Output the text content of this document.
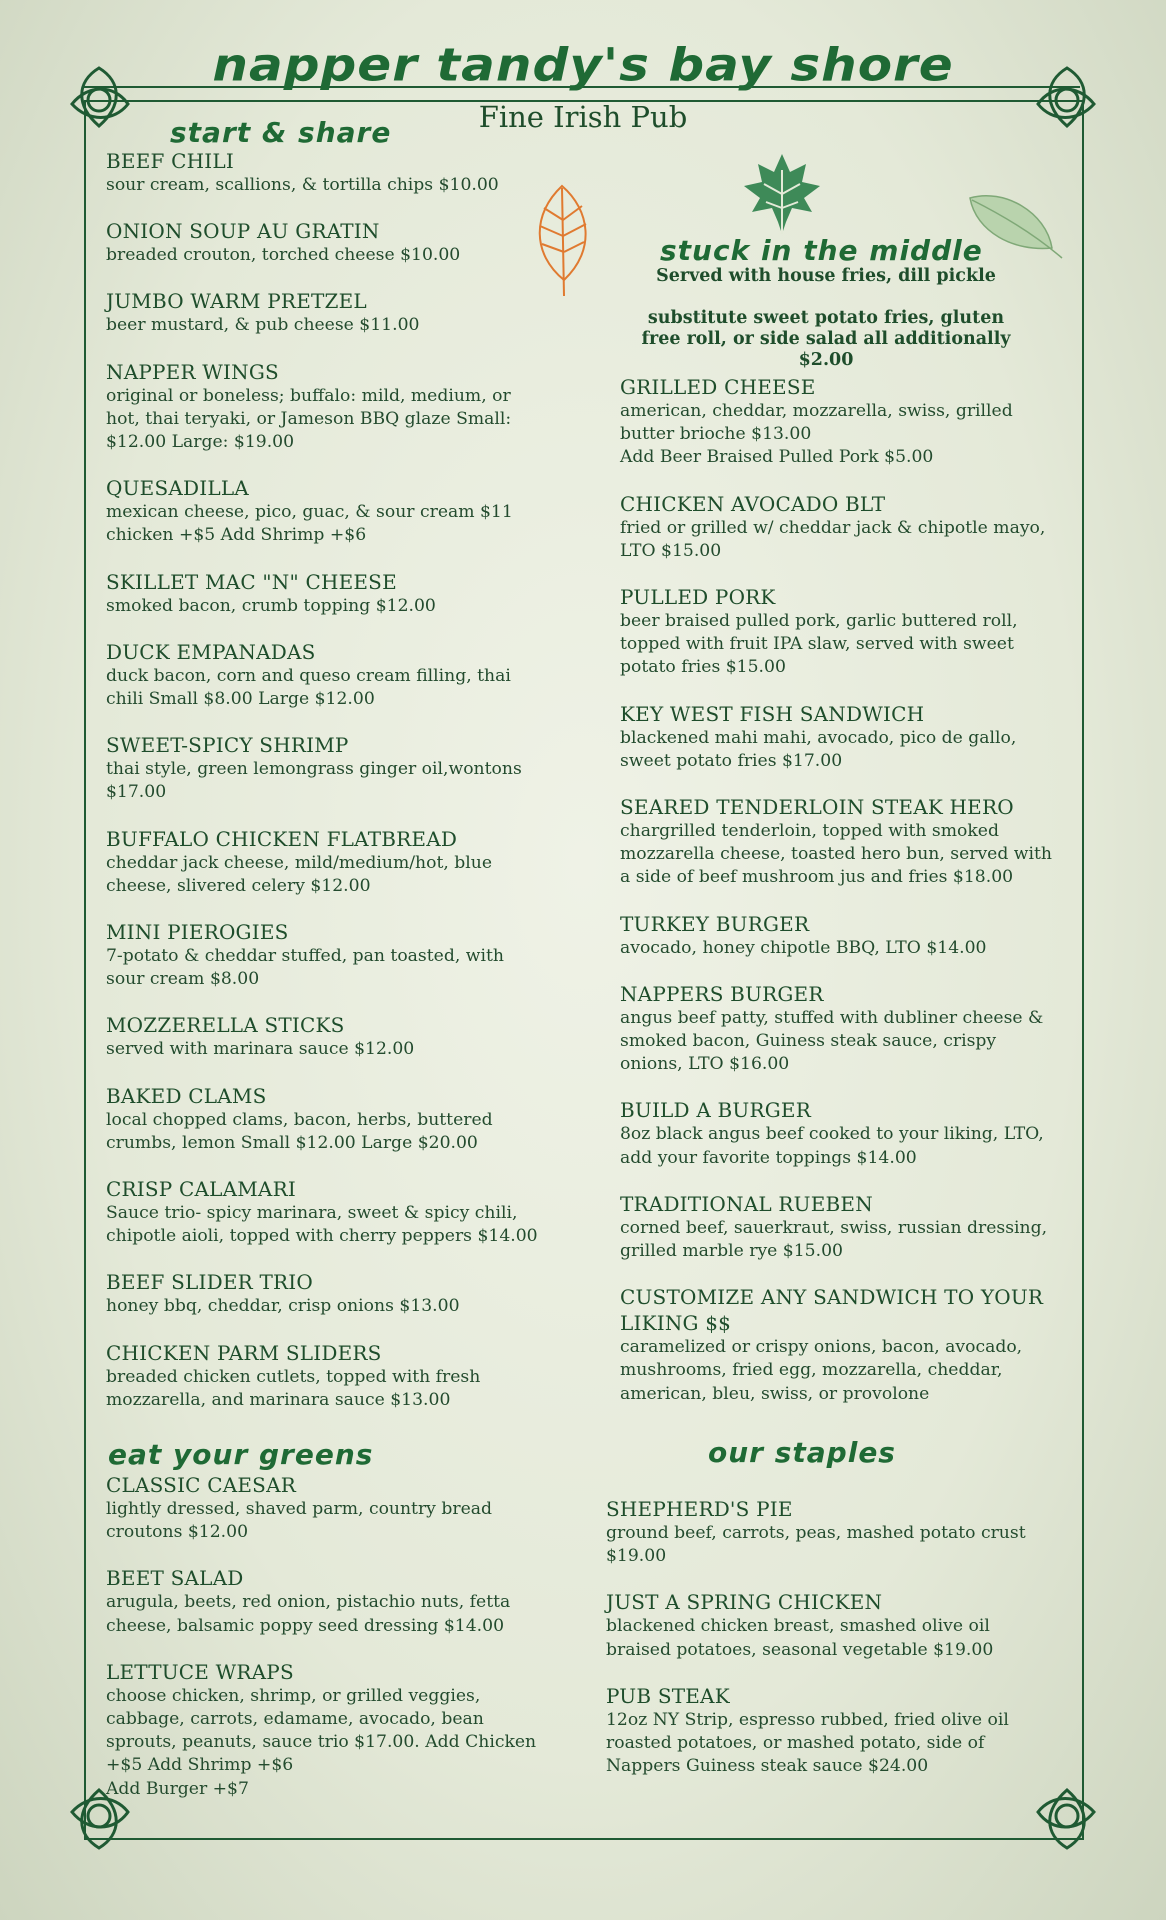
napper tandy's bay shore
Fine Irish Pub
start & share
BEEF CHILI
sour cream, scallions, & tortilla chips $10.00
ONION SOUP AU GRATIN
breaded crouton, torched cheese $10.00
JUMBO WARM PRETZEL
beer mustard, & pub cheese $11.00
NAPPER WINGS
original or boneless; buffalo: mild, medium, or hot, thai teryaki, or Jameson BBQ glaze Small: $12.00 Large: $19.00
QUESADILLA
mexican cheese, pico, guac, & sour cream $11 chicken +$5 Add Shrimp +$6
SKILLET MAC "N" CHEESE
smoked bacon, crumb topping $12.00
DUCK EMPANADAS
duck bacon, corn and queso cream filling, thai chili Small $8.00 Large $12.00
SWEET-SPICY SHRIMP
thai style, green lemongrass ginger oil,wontons $17.00
BUFFALO CHICKEN FLATBREAD
cheddar jack cheese, mild/medium/hot, blue cheese, slivered celery $12.00
MINI PIEROGIES
7-potato & cheddar stuffed, pan toasted, with sour cream $8.00
MOZZERELLA STICKS
served with marinara sauce $12.00
BAKED CLAMS
local chopped clams, bacon, herbs, buttered crumbs, lemon Small $12.00 Large $20.00
CRISP CALAMARI
Sauce trio- spicy marinara, sweet & spicy chili, chipotle aioli, topped with cherry peppers $14.00
BEEF SLIDER TRIO
honey bbq, cheddar, crisp onions $13.00
CHICKEN PARM SLIDERS
breaded chicken cutlets, topped with fresh mozzarella, and marinara sauce $13.00
eat your greens
CLASSIC CAESAR
lightly dressed, shaved parm, country bread croutons $12.00
BEET SALAD
arugula, beets, red onion, pistachio nuts, fetta cheese, balsamic poppy seed dressing $14.00
LETTUCE WRAPS
choose chicken, shrimp, or grilled veggies, cabbage, carrots, edamame, avocado, bean sprouts, peanuts, sauce trio $17.00. Add Chicken +$5 Add Shrimp +$6
Add Burger +$7
stuck in the middle
Served with house fries, dill pickle
substitute sweet potato fries, gluten free roll, or side salad all additionally $2.00
GRILLED CHEESE
american, cheddar, mozzarella, swiss, grilled butter brioche $13.00
Add Beer Braised Pulled Pork $5.00
CHICKEN AVOCADO BLT
fried or grilled w/ cheddar jack & chipotle mayo, LTO $15.00
PULLED PORK
beer braised pulled pork, garlic buttered roll, topped with fruit IPA slaw, served with sweet potato fries $15.00
KEY WEST FISH SANDWICH
blackened mahi mahi, avocado, pico de gallo, sweet potato fries $17.00
SEARED TENDERLOIN STEAK HERO
chargrilled tenderloin, topped with smoked mozzarella cheese, toasted hero bun, served with a side of beef mushroom jus and fries $18.00
TURKEY BURGER
avocado, honey chipotle BBQ, LTO $14.00
NAPPERS BURGER
angus beef patty, stuffed with dubliner cheese & smoked bacon, Guiness steak sauce, crispy onions, LTO $16.00
BUILD A BURGER
8oz black angus beef cooked to your liking, LTO, add your favorite toppings $14.00
TRADITIONAL RUEBEN
corned beef, sauerkraut, swiss, russian dressing, grilled marble rye $15.00
CUSTOMIZE ANY SANDWICH TO YOUR LIKING $$
caramelized or crispy onions, bacon, avocado, mushrooms, fried egg, mozzarella, cheddar, american, bleu, swiss, or provolone
our staples
SHEPHERD'S PIE
ground beef, carrots, peas, mashed potato crust $19.00
JUST A SPRING CHICKEN
blackened chicken breast, smashed olive oil braised potatoes, seasonal vegetable $19.00
PUB STEAK
12oz NY Strip, espresso rubbed, fried olive oil roasted potatoes, or mashed potato, side of Nappers Guiness steak sauce $24.00
